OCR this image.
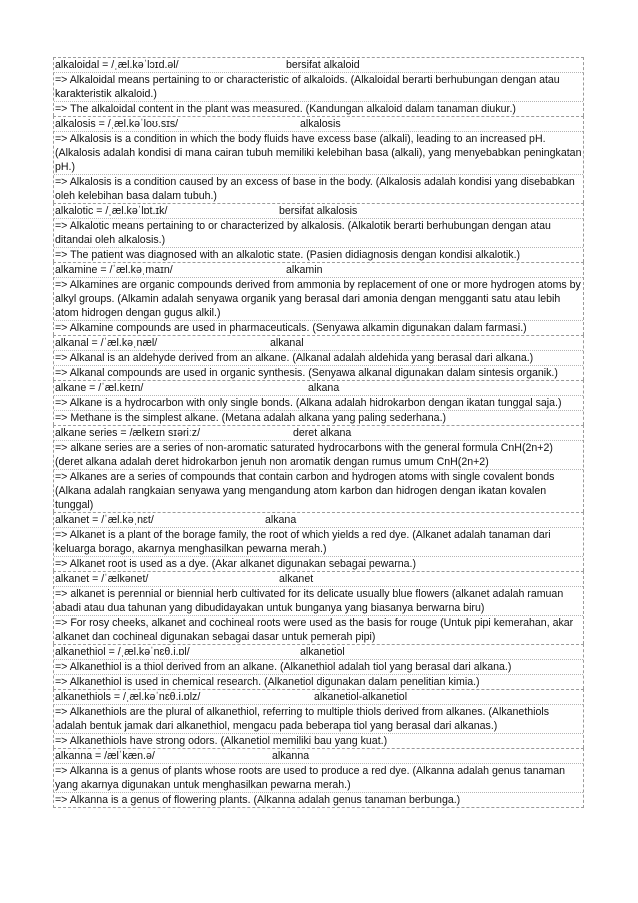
alkaloidal = /ˌæl.kəˈlɔɪd.əl/	bersifat alkaloid
=> Alkaloidal means pertaining to or characteristic of alkaloids. (Alkaloidal berarti berhubungan dengan atau karakteristik alkaloid.)
=> The alkaloidal content in the plant was measured. (Kandungan alkaloid dalam tanaman diukur.)
alkalosis = /ˌæl.kəˈloʊ.sɪs/	alkalosis
=> Alkalosis is a condition in which the body fluids have excess base (alkali), leading to an increased pH. (Alkalosis adalah kondisi di mana cairan tubuh memiliki kelebihan basa (alkali), yang menyebabkan peningkatan pH.)
=> Alkalosis is a condition caused by an excess of base in the body. (Alkalosis adalah kondisi yang disebabkan oleh kelebihan basa dalam tubuh.)
alkalotic = /ˌæl.kəˈlɒt.ɪk/	bersifat alkalosis
=> Alkalotic means pertaining to or characterized by alkalosis. (Alkalotik berarti berhubungan dengan atau ditandai oleh alkalosis.)
=> The patient was diagnosed with an alkalotic state. (Pasien didiagnosis dengan kondisi alkalotik.)
alkamine = /ˈæl.kəˌmaɪn/	alkamin
=> Alkamines are organic compounds derived from ammonia by replacement of one or more hydrogen atoms by alkyl groups. (Alkamin adalah senyawa organik yang berasal dari amonia dengan mengganti satu atau lebih atom hidrogen dengan gugus alkil.)
=> Alkamine compounds are used in pharmaceuticals. (Senyawa alkamin digunakan dalam farmasi.)
alkanal = /ˈæl.kəˌnæl/	alkanal
=> Alkanal is an aldehyde derived from an alkane. (Alkanal adalah aldehida yang berasal dari alkana.)
=> Alkanal compounds are used in organic synthesis. (Senyawa alkanal digunakan dalam sintesis organik.)
alkane = /ˈæl.keɪn/	alkana
=> Alkane is a hydrocarbon with only single bonds. (Alkana adalah hidrokarbon dengan ikatan tunggal saja.)
=> Methane is the simplest alkane. (Metana adalah alkana yang paling sederhana.)
alkane series = /ælkeɪn sɪəriːz/	deret alkana
=> alkane series are a series of non-aromatic saturated hydrocarbons with the general formula CnH(2n+2) (deret alkana adalah deret hidrokarbon jenuh non aromatik dengan rumus umum CnH(2n+2)
=> Alkanes are a series of compounds that contain carbon and hydrogen atoms with single covalent bonds (Alkana adalah rangkaian senyawa yang mengandung atom karbon dan hidrogen dengan ikatan kovalen tunggal)
alkanet = /ˈæl.kəˌnɛt/	alkana
=> Alkanet is a plant of the borage family, the root of which yields a red dye. (Alkanet adalah tanaman dari keluarga borago, akarnya menghasilkan pewarna merah.)
=> Alkanet root is used as a dye. (Akar alkanet digunakan sebagai pewarna.)
alkanet = /ˈælkənet/	alkanet
=> alkanet is perennial or biennial herb cultivated for its delicate usually blue flowers (alkanet adalah ramuan abadi atau dua tahunan yang dibudidayakan untuk bunganya yang biasanya berwarna biru)
=> For rosy cheeks, alkanet and cochineal roots were used as the basis for rouge (Untuk pipi kemerahan, akar alkanet dan cochineal digunakan sebagai dasar untuk pemerah pipi)
alkanethiol = /ˌæl.kəˈnɛθ.i.ɒl/	alkanetiol
=> Alkanethiol is a thiol derived from an alkane. (Alkanethiol adalah tiol yang berasal dari alkana.)
=> Alkanethiol is used in chemical research. (Alkanetiol digunakan dalam penelitian kimia.)
alkanethiols = /ˌæl.kəˈnɛθ.i.ɒlz/	alkanetiol-alkanetiol
=> Alkanethiols are the plural of alkanethiol, referring to multiple thiols derived from alkanes. (Alkanethiols adalah bentuk jamak dari alkanethiol, mengacu pada beberapa tiol yang berasal dari alkanas.)
=> Alkanethiols have strong odors. (Alkanetiol memiliki bau yang kuat.)
alkanna = /ælˈkæn.ə/	alkanna
=> Alkanna is a genus of plants whose roots are used to produce a red dye. (Alkanna adalah genus tanaman yang akarnya digunakan untuk menghasilkan pewarna merah.)
=> Alkanna is a genus of flowering plants. (Alkanna adalah genus tanaman berbunga.)
